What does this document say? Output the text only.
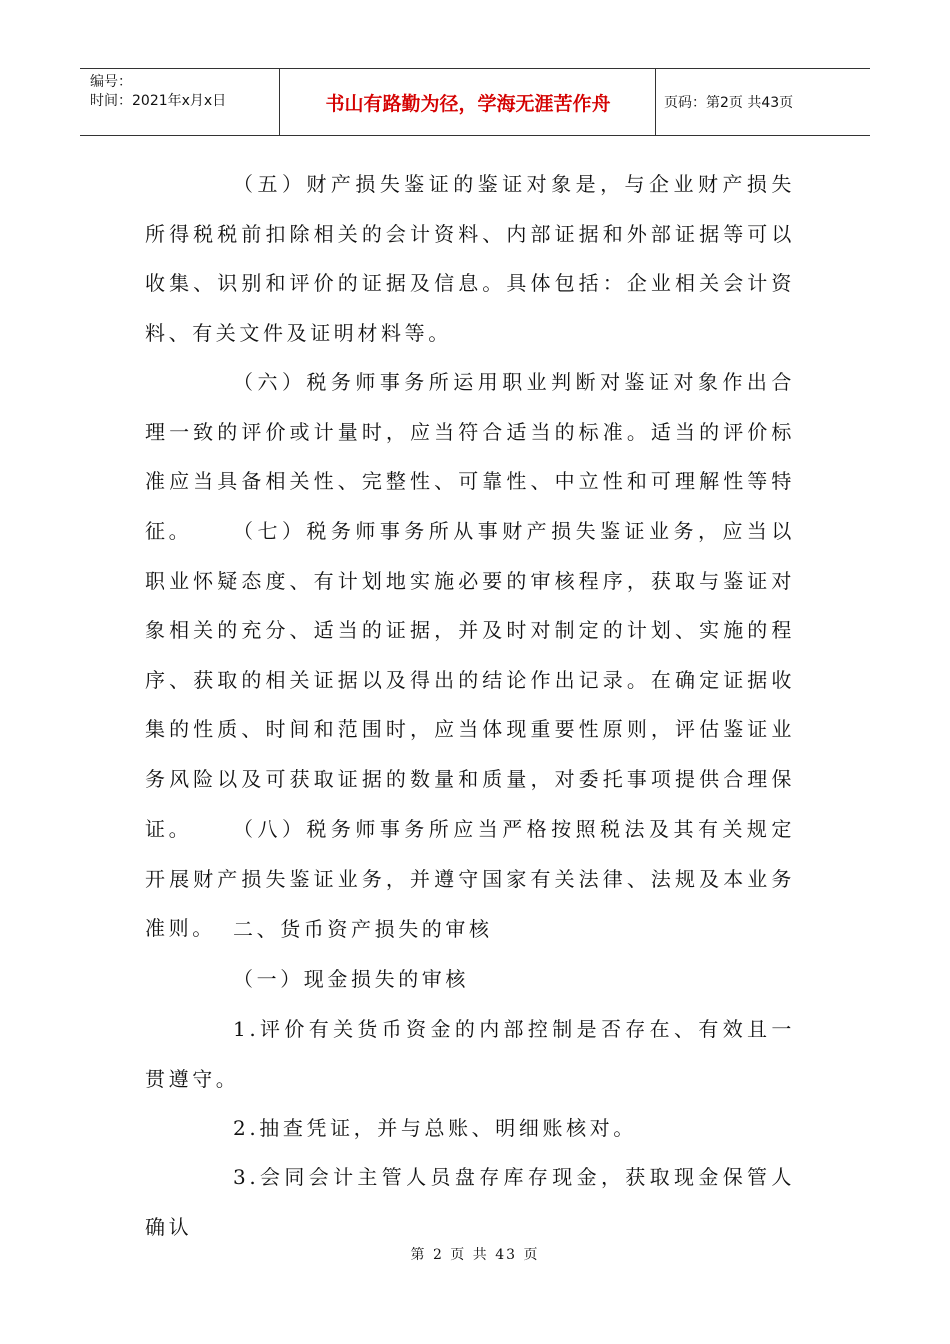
编号：
时间：2021年x月x日	书山有路勤为径，学海无涯苦作舟	页码：第2页 共43页

（五）财产损失鉴证的鉴证对象是，与企业财产损失所得税税前扣除相关的会计资料、内部证据和外部证据等可以收集、识别和评价的证据及信息。具体包括：企业相关会计资料、有关文件及证明材料等。

（六）税务师事务所运用职业判断对鉴证对象作出合理一致的评价或计量时，应当符合适当的标准。适当的评价标准应当具备相关性、完整性、可靠性、中立性和可理解性等特征。	（七）税务师事务所从事财产损失鉴证业务，应当以职业怀疑态度、有计划地实施必要的审核程序，获取与鉴证对象相关的充分、适当的证据，并及时对制定的计划、实施的程序、获取的相关证据以及得出的结论作出记录。在确定证据收集的性质、时间和范围时，应当体现重要性原则，评估鉴证业务风险以及可获取证据的数量和质量，对委托事项提供合理保证。	（八）税务师事务所应当严格按照税法及其有关规定开展财产损失鉴证业务，并遵守国家有关法律、法规及本业务准则。 二、货币资产损失的审核

（一）现金损失的审核

1.评价有关货币资金的内部控制是否存在、有效且一贯遵守。

2.抽查凭证，并与总账、明细账核对。

3.会同会计主管人员盘存库存现金，获取现金保管人确认

第 2 页 共 43 页
